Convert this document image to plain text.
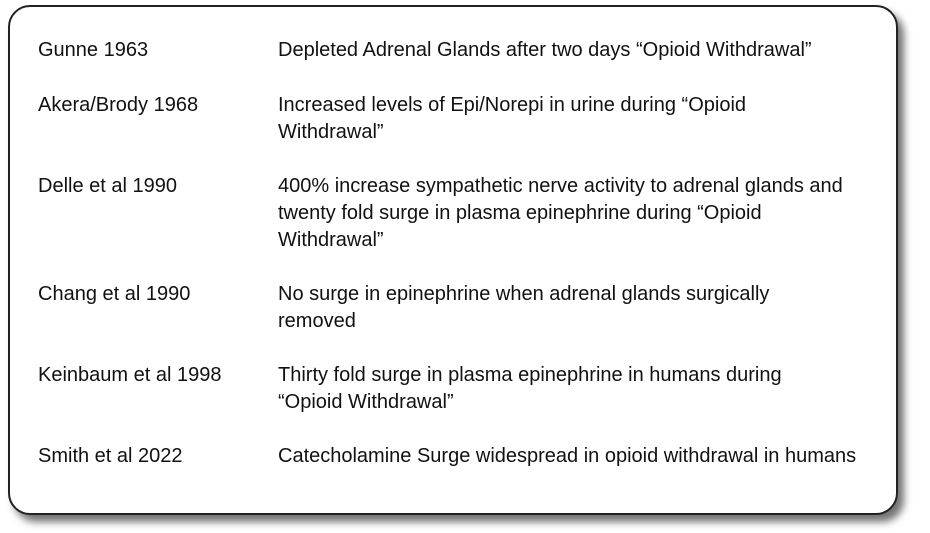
Gunne 1963	Depleted Adrenal Glands after two days “Opioid Withdrawal”
Akera/Brody 1968	Increased levels of Epi/Norepi in urine during “Opioid Withdrawal”
Delle et al 1990	400% increase sympathetic nerve activity to adrenal glands and twenty fold surge in plasma epinephrine during “Opioid Withdrawal”
Chang et al 1990	No surge in epinephrine when adrenal glands surgically removed
Keinbaum et al 1998	Thirty fold surge in plasma epinephrine in humans during “Opioid Withdrawal”
Smith et al 2022	Catecholamine Surge widespread in opioid withdrawal in humans
